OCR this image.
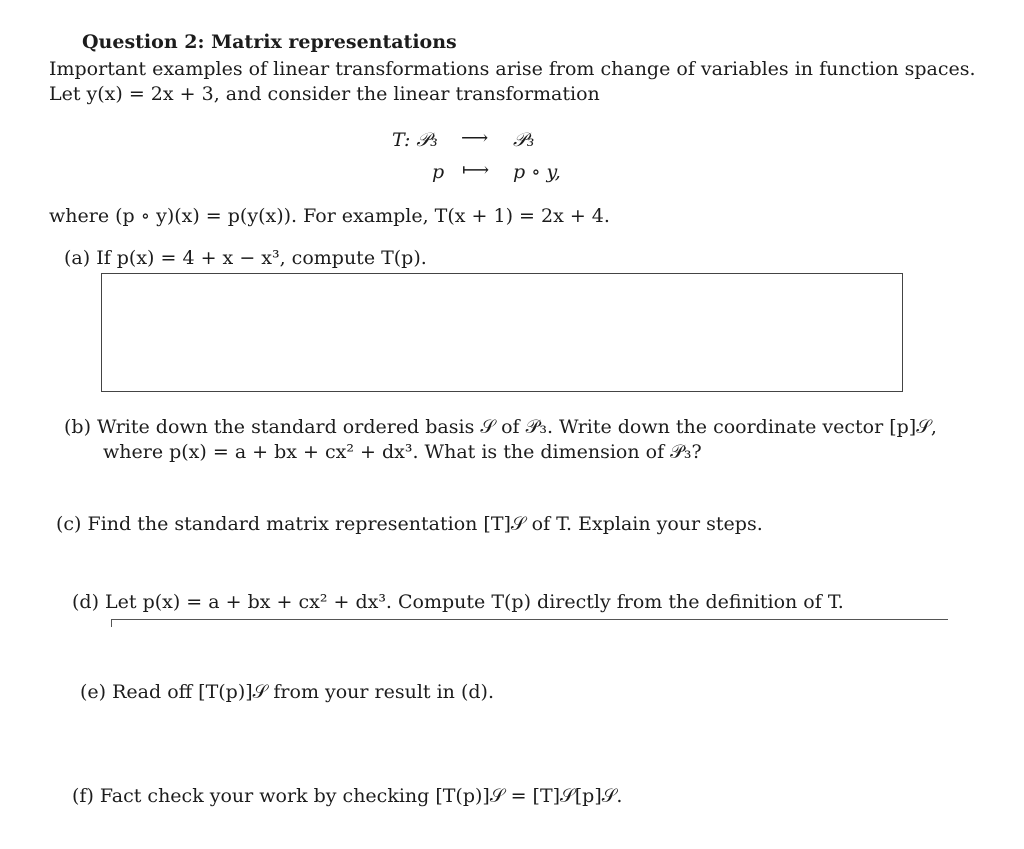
Question 2: Matrix representations
Important examples of linear transformations arise from change of variables in function spaces.
Let y(x) = 2x + 3, and consider the linear transformation
T: 𝒫₃ ⟶ 𝒫₃
p ⟼ p ∘ y,
where (p ∘ y)(x) = p(y(x)). For example, T(x + 1) = 2x + 4.
(a) If p(x) = 4 + x − x³, compute T(p).
(b) Write down the standard ordered basis 𝒮 of 𝒫₃. Write down the coordinate vector [p]𝒮,
where p(x) = a + bx + cx² + dx³. What is the dimension of 𝒫₃?
(c) Find the standard matrix representation [T]𝒮 of T. Explain your steps.
(d) Let p(x) = a + bx + cx² + dx³. Compute T(p) directly from the definition of T.
(e) Read off [T(p)]𝒮 from your result in (d).
(f) Fact check your work by checking [T(p)]𝒮 = [T]𝒮[p]𝒮.
